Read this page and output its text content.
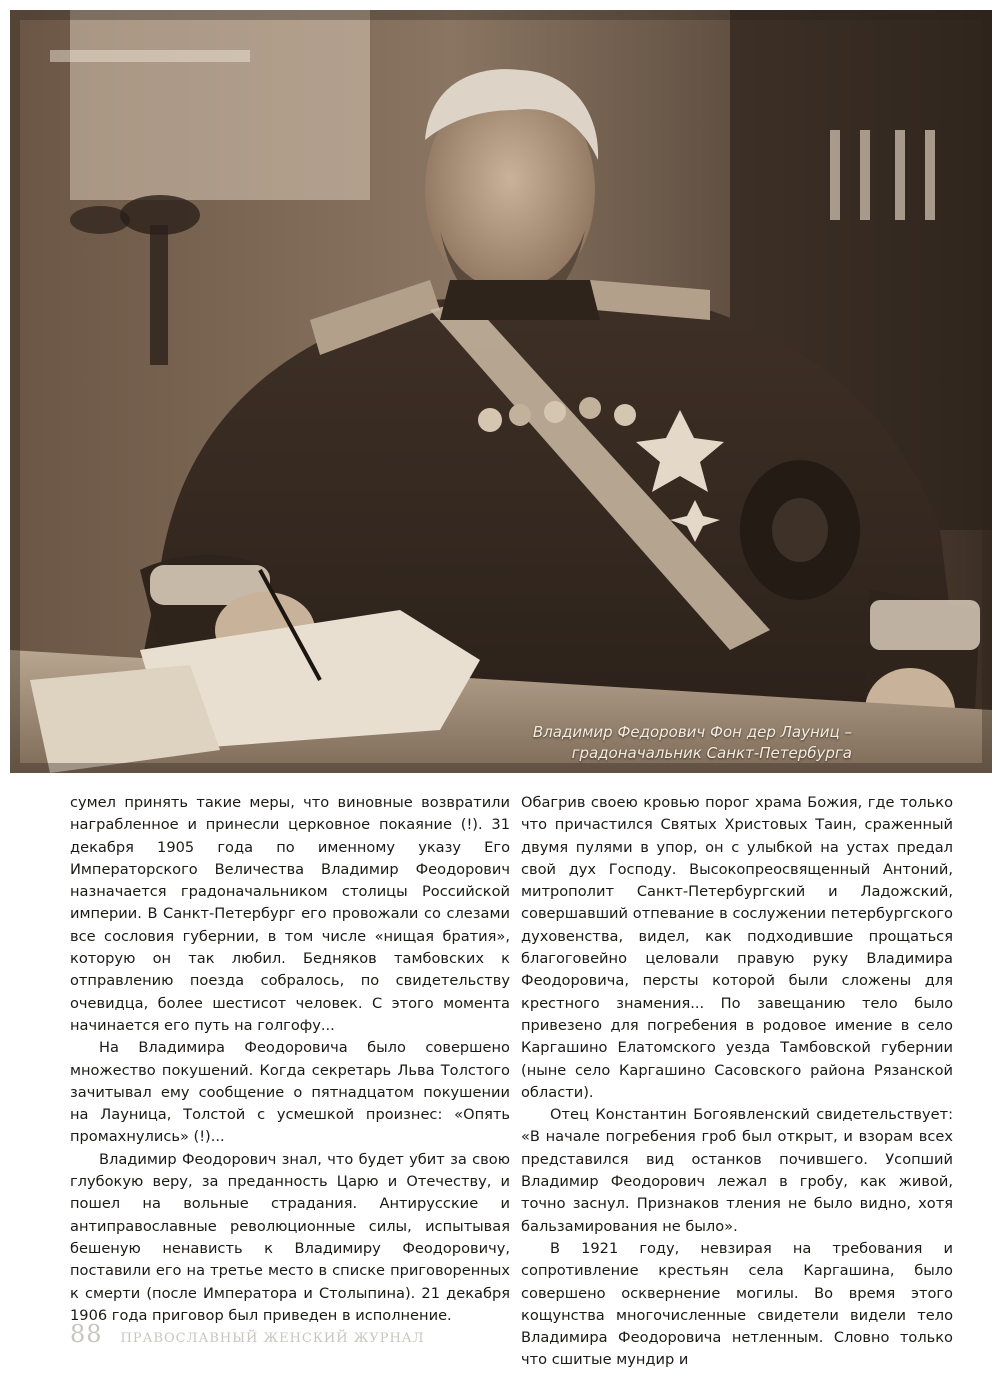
Владимир Федорович Фон дер Лауниц –
градоначальник Санкт-Петербурга

сумел принять такие меры, что виновные возвратили награбленное и принесли церковное покаяние (!). 31 декабря 1905 года по именному указу Его Императорского Величества Владимир Феодорович назначается градоначальником столицы Российской империи. В Санкт-Петербург его провожали со слезами все сословия губернии, в том числе «нищая братия», которую он так любил. Бедняков тамбовских к отправлению поезда собралось, по свидетельству очевидца, более шестисот человек. С этого момента начинается его путь на голгофу...

На Владимира Феодоровича было совершено множество покушений. Когда секретарь Льва Толстого зачитывал ему сообщение о пятнадцатом покушении на Лауница, Толстой с усмешкой произнес: «Опять промахнулись» (!)...

Владимир Феодорович знал, что будет убит за свою глубокую веру, за преданность Царю и Отечеству, и пошел на вольные страдания. Антирусские и антиправославные революционные силы, испытывая бешеную ненависть к Владимиру Феодоровичу, поставили его на третье место в списке приговоренных к смерти (после Императора и Столыпина). 21 декабря 1906 года приговор был приведен в исполнение.

Обагрив своею кровью порог храма Божия, где только что причастился Святых Христовых Таин, сраженный двумя пулями в упор, он с улыбкой на устах предал свой дух Господу. Высокопреосвященный Антоний, митрополит Санкт-Петербургский и Ладожский, совершавший отпевание в сослужении петербургского духовенства, видел, как подходившие прощаться благоговейно целовали правую руку Владимира Феодоровича, персты которой были сложены для крестного знамения... По завещанию тело было привезено для погребения в родовое имение в село Каргашино Елатомского уезда Тамбовской губернии (ныне село Каргашино Сасовского района Рязанской области).

Отец Константин Богоявленский свидетельствует: «В начале погребения гроб был открыт, и взорам всех представился вид останков почившего. Усопший Владимир Феодорович лежал в гробу, как живой, точно заснул. Признаков тления не было видно, хотя бальзамирования не было».

В 1921 году, невзирая на требования и сопротивление крестьян села Каргашина, было совершено осквернение могилы. Во время этого кощунства многочисленные свидетели видели тело Владимира Феодоровича нетленным. Словно только что сшитые мундир и

88 ПРАВОСЛАВНЫЙ ЖЕНСКИЙ ЖУРНАЛ
